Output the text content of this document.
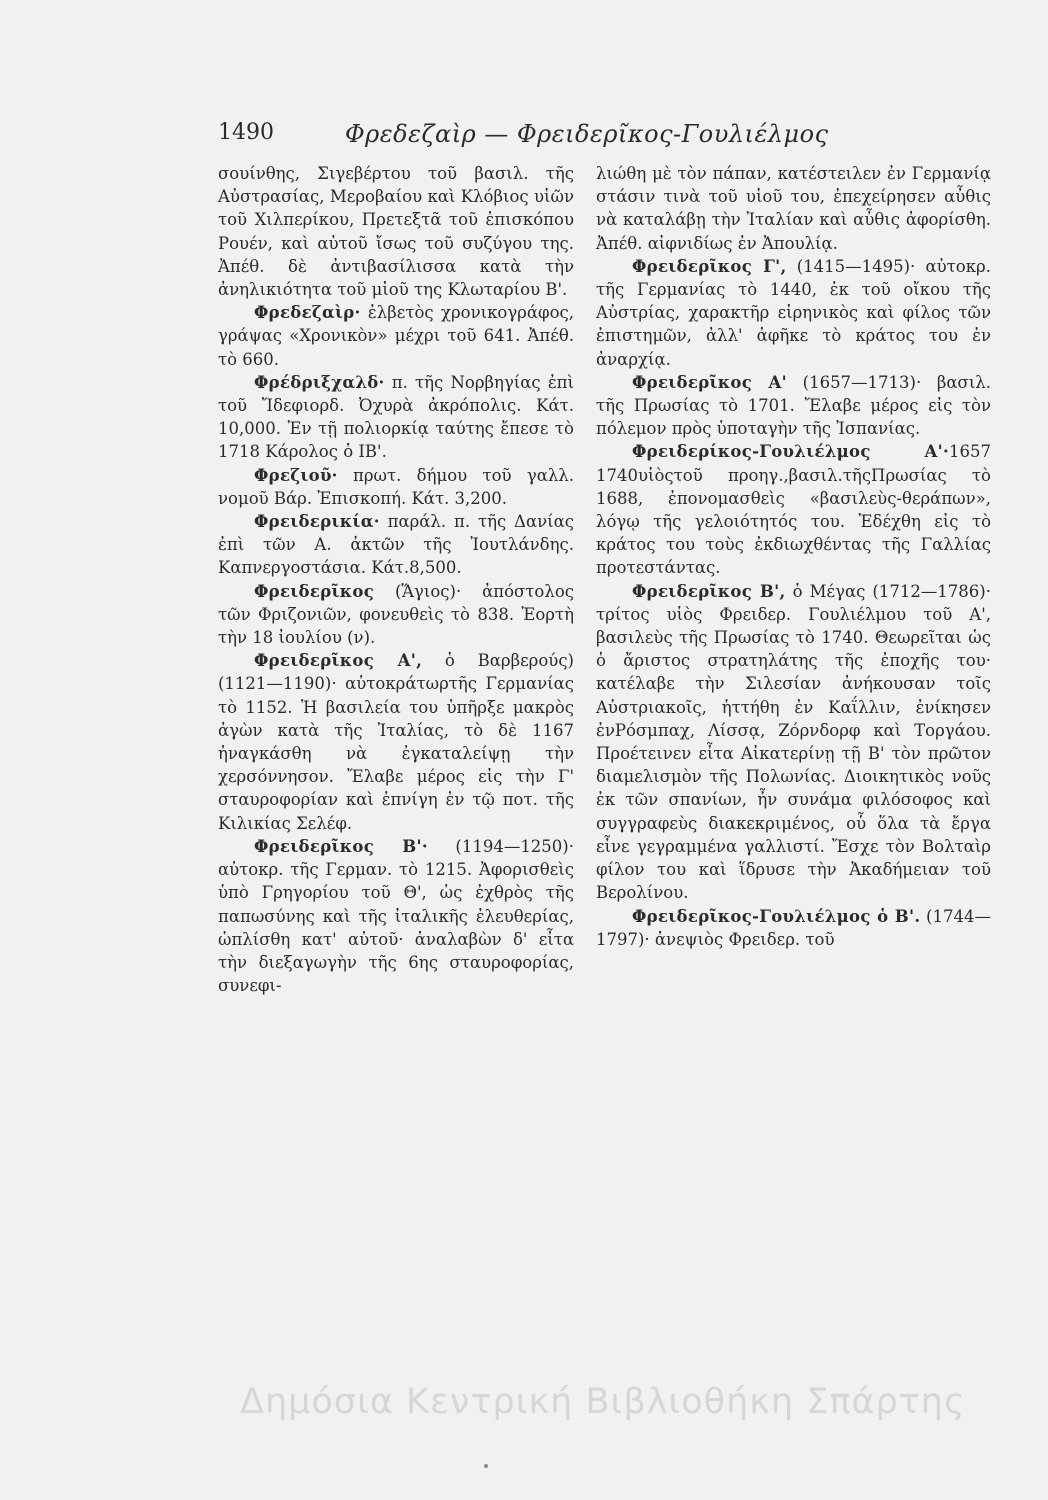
1490	Φρεδεζαὶρ — Φρειδερῖκος-Γουλιέλμος

σουίνθης, Σιγεβέρτου τοῦ βασιλ. τῆς Αὐστρασίας, Μεροβαίου καὶ Κλόβιος υἱῶν τοῦ Χιλπερίκου, Πρετεξτᾶ τοῦ ἐπισκόπου Ρουέν, καὶ αὐτοῦ ἴσως τοῦ συζύγου της. Ἀπέθ. δὲ ἀντιβασίλισσα κατὰ τὴν ἀνηλικιότητα τοῦ μἱοῦ της Κλωταρίου Β'.

Φρεδεζαὶρ· ἐλβετὸς χρονικογράφος, γράψας «Χρονικὸν» μέχρι τοῦ 641. Ἀπέθ. τὸ 660.

Φρέδριξχαλδ· π. τῆς Νορβηγίας ἐπὶ τοῦ Ἴδεφιορδ. Ὀχυρὰ ἀκρόπολις. Κάτ. 10,000. Ἐν τῇ πολιορκίᾳ ταύτης ἔπεσε τὸ 1718 Κάρολος ὁ ΙΒ'.

Φρεζιοῦ· πρωτ. δήμου τοῦ γαλλ. νομοῦ Βάρ. Ἐπισκοπή. Κάτ. 3,200.

Φρειδερικία· παράλ. π. τῆς Δανίας ἐπὶ τῶν Α. ἀκτῶν τῆς Ἰουτλάνδης. Καπνεργοστάσια. Κάτ.8,500.

Φρειδερῖκος (Ἅγιος)· ἀπόστολος τῶν Φριζονιῶν, φονευθεὶς τὸ 838. Ἑορτὴ τὴν 18 ἰουλίου (ν).

Φρειδερῖκος Α', ὁ Βαρβερούς) (1121—1190)· αὐτοκράτωρτῆς Γερμανίας τὸ 1152. Ἡ βασιλεία του ὑπῆρξε μακρὸς ἀγὼν κατὰ τῆς Ἰταλίας, τὸ δὲ 1167 ἠναγκάσθη νὰ ἐγκαταλείψῃ τὴν χερσόννησον. Ἔλαβε μέρος εἰς τὴν Γ' σταυροφορίαν καὶ ἐπνίγη ἐν τῷ ποτ. τῆς Κιλικίας Σελέφ.

Φρειδερῖκος Β'· (1194—1250)· αὐτοκρ. τῆς Γερμαν. τὸ 1215. Ἀφορισθεὶς ὑπὸ Γρηγορίου τοῦ Θ', ὡς ἐχθρὸς τῆς παπωσύνης καὶ τῆς ἰταλικῆς ἐλευθερίας, ὡπλίσθη κατ' αὐτοῦ· ἀναλαβὼν δ' εἶτα τὴν διεξαγωγὴν τῆς 6ης σταυροφορίας, συνεφι-

λιώθη μὲ τὸν πάπαν, κατέστειλεν ἐν Γερμανίᾳ στάσιν τινὰ τοῦ υἱοῦ του, ἐπεχείρησεν αὖθις νὰ καταλάβῃ τὴν Ἰταλίαν καὶ αὖθις ἀφορίσθη. Ἀπέθ. αἰφνιδίως ἐν Ἀπουλίᾳ.

Φρειδερῖκος Γ', (1415—1495)· αὐτοκρ. τῆς Γερμανίας τὸ 1440, ἐκ τοῦ οἴκου τῆς Αὐστρίας, χαρακτῆρ εἰρηνικὸς καὶ φίλος τῶν ἐπιστημῶν, ἀλλ' ἀφῆκε τὸ κράτος του ἐν ἀναρχίᾳ.

Φρειδερῖκος Α' (1657—1713)· βασιλ. τῆς Πρωσίας τὸ 1701. Ἔλαβε μέρος εἰς τὸν πόλεμον πρὸς ὑποταγὴν τῆς Ἰσπανίας.

Φρειδερίκος-Γουλιέλμος Α'·1657 1740υἱὸςτοῦ προηγ.,βασιλ.τῆςΠρωσίας τὸ 1688, ἐπονομασθεὶς «βασιλεὺς-θεράπων», λόγῳ τῆς γελοιότητός του. Ἐδέχθη εἰς τὸ κράτος του τοὺς ἐκδιωχθέντας τῆς Γαλλίας προτεστάντας.

Φρειδερῖκος Β', ὁ Μέγας (1712—1786)· τρίτος υἱὸς Φρειδερ. Γουλιέλμου τοῦ Α', βασιλεὺς τῆς Πρωσίας τὸ 1740. Θεωρεῖται ὡς ὁ ἄριστος στρατηλάτης τῆς ἐποχῆς του· κατέλαβε τὴν Σιλεσίαν ἀνήκουσαν τοῖς Αὐστριακοῖς, ἡττήθη ἐν Καΐλλιν, ἐνίκησεν ἐνΡόσμπαχ, Λίσσᾳ, Ζόρνδορφ καὶ Τοργάου. Προέτεινεν εἶτα Αἰκατερίνῃ τῇ Β' τὸν πρῶτον διαμελισμὸν τῆς Πολωνίας. Διοικητικὸς νοῦς ἐκ τῶν σπανίων, ἦν συνάμα φιλόσοφος καὶ συγγραφεὺς διακεκριμένος, οὗ ὅλα τὰ ἔργα εἶνε γεγραμμένα γαλλιστί. Ἔσχε τὸν Βολταὶρ φίλον του καὶ ἵδρυσε τὴν Ἀκαδήμειαν τοῦ Βερολίνου.

Φρειδερῖκος-Γουλιέλμος ὁ Β'. (1744—1797)· ἀνεψιὸς Φρειδερ. τοῦ

Δημόσια Κεντρική Βιβλιοθήκη Σπάρτης
